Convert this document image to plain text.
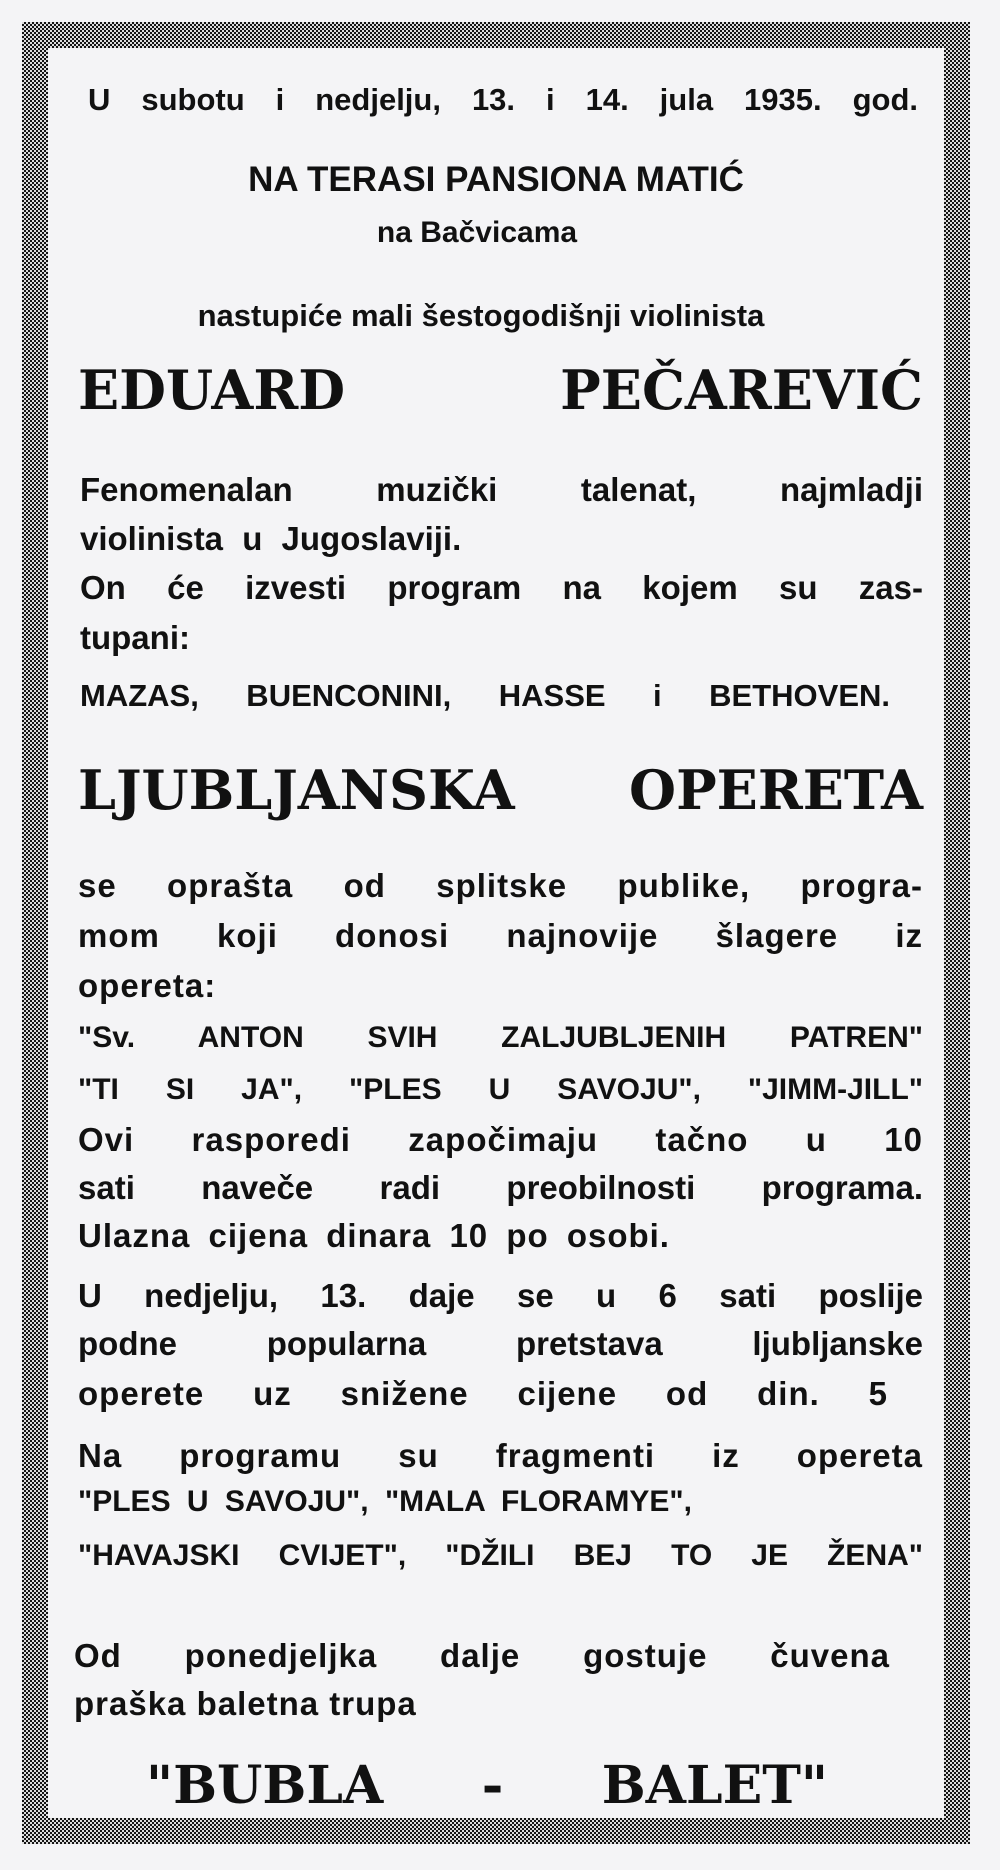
U subotu i nedjelju, 13. i 14. jula 1935. god.
NA TERASI PANSIONA MATIĆ
na Bačvicama
nastupiće mali šestogodišnji violinista
EDUARD PEČAREVIĆ
Fenomenalan muzički talenat, najmladji
violinista u Jugoslaviji.
On će izvesti program na kojem su zas-
tupani:
MAZAS, BUENCONINI, HASSE i BETHOVEN.
LJUBLJANSKA OPERETA
se oprašta od splitske publike, progra-
mom koji donosi najnovije šlagere iz
opereta:
"Sv. ANTON SVIH ZALJUBLJENIH PATREN"
"TI SI JA", "PLES U SAVOJU", "JIMM-JILL"
Ovi rasporedi započimaju tačno u 10
sati naveče radi preobilnosti programa.
Ulazna cijena dinara 10 po osobi.
U nedjelju, 13. daje se u 6 sati poslije
podne popularna pretstava ljubljanske
operete uz snižene cijene od din. 5
Na programu su fragmenti iz opereta
"PLES U SAVOJU", "MALA FLORAMYE",
"HAVAJSKI CVIJET", "DŽILI BEJ TO JE ŽENA"
Od ponedjeljka dalje gostuje čuvena
praška baletna trupa
"BUBLA - BALET"
